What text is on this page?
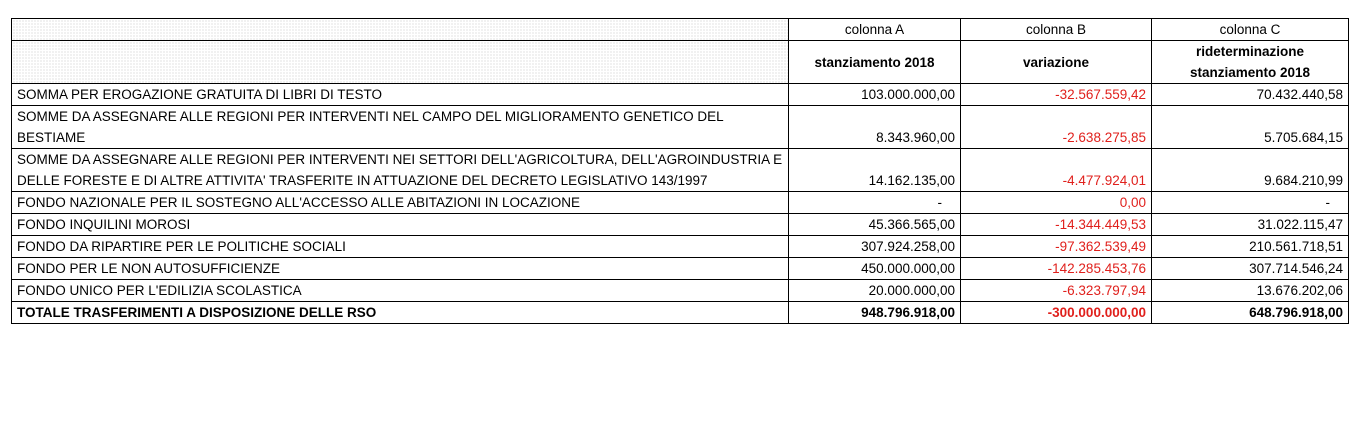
	colonna A	colonna B	colonna C
	stanziamento 2018	variazione	rideterminazione stanziamento 2018
SOMMA PER EROGAZIONE GRATUITA DI LIBRI DI TESTO	103.000.000,00	-32.567.559,42	70.432.440,58
SOMME DA ASSEGNARE ALLE REGIONI PER INTERVENTI NEL CAMPO DEL MIGLIORAMENTO GENETICO DEL BESTIAME	8.343.960,00	-2.638.275,85	5.705.684,15
SOMME DA ASSEGNARE ALLE REGIONI PER INTERVENTI NEI SETTORI DELL'AGRICOLTURA, DELL'AGROINDUSTRIA E DELLE FORESTE E DI ALTRE ATTIVITA' TRASFERITE IN ATTUAZIONE DEL DECRETO LEGISLATIVO 143/1997	14.162.135,00	-4.477.924,01	9.684.210,99
FONDO NAZIONALE PER IL SOSTEGNO ALL'ACCESSO ALLE ABITAZIONI IN LOCAZIONE	-	0,00	-
FONDO INQUILINI MOROSI	45.366.565,00	-14.344.449,53	31.022.115,47
FONDO DA RIPARTIRE PER LE POLITICHE SOCIALI	307.924.258,00	-97.362.539,49	210.561.718,51
FONDO PER LE NON AUTOSUFFICIENZE	450.000.000,00	-142.285.453,76	307.714.546,24
FONDO UNICO PER L'EDILIZIA SCOLASTICA	20.000.000,00	-6.323.797,94	13.676.202,06
TOTALE TRASFERIMENTI A DISPOSIZIONE DELLE RSO	948.796.918,00	-300.000.000,00	648.796.918,00
